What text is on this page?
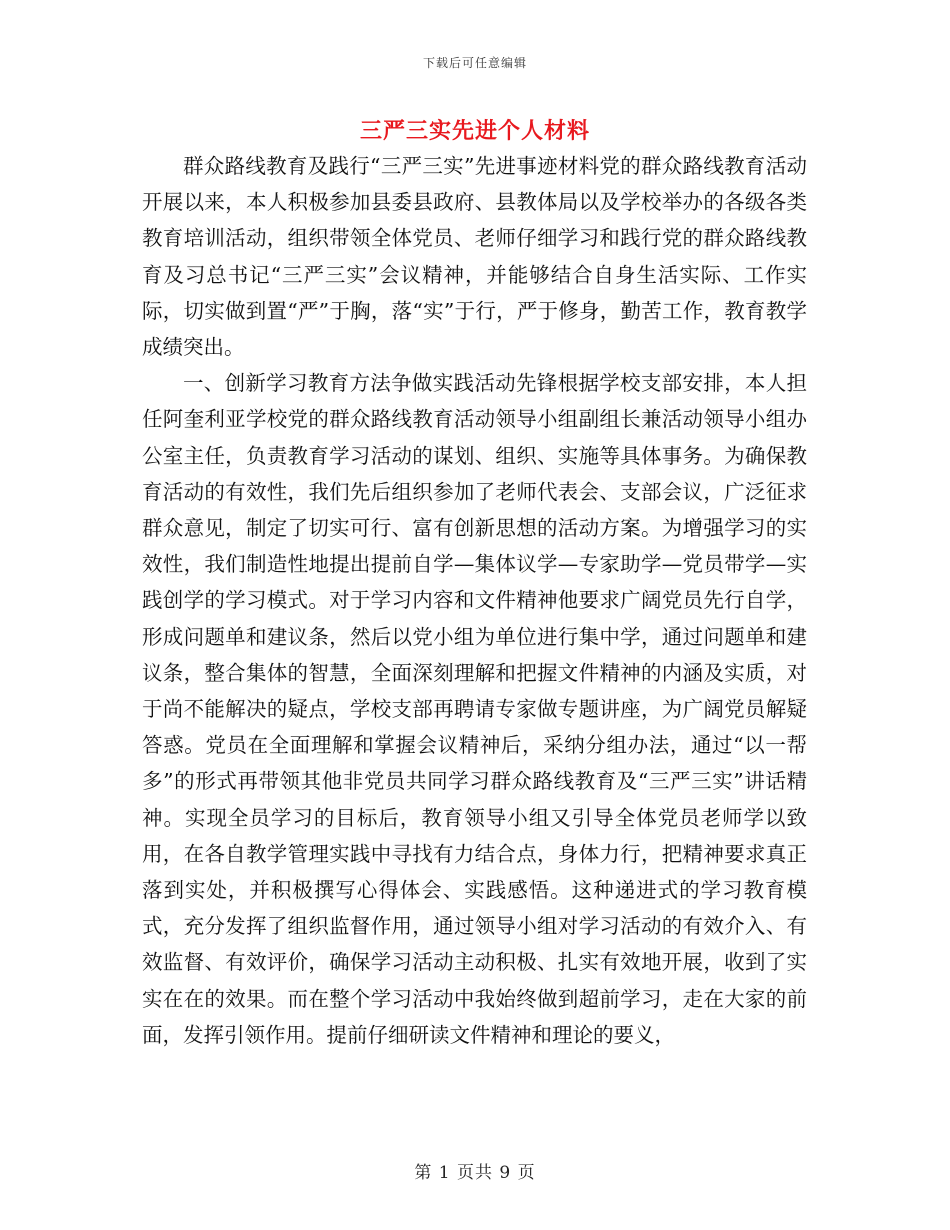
下载后可任意编辑
三严三实先进个人材料

群众路线教育及践行“三严三实”先进事迹材料党的群众路线教育活动开展以来，本人积极参加县委县政府、县教体局以及学校举办的各级各类教育培训活动，组织带领全体党员、老师仔细学习和践行党的群众路线教育及习总书记“三严三实”会议精神，并能够结合自身生活实际、工作实际，切实做到置“严”于胸，落“实”于行，严于修身，勤苦工作，教育教学成绩突出。

一、创新学习教育方法争做实践活动先锋根据学校支部安排，本人担任阿奎利亚学校党的群众路线教育活动领导小组副组长兼活动领导小组办公室主任，负责教育学习活动的谋划、组织、实施等具体事务。为确保教育活动的有效性，我们先后组织参加了老师代表会、支部会议，广泛征求群众意见，制定了切实可行、富有创新思想的活动方案。为增强学习的实效性，我们制造性地提出提前自学—集体议学—专家助学—党员带学—实践创学的学习模式。对于学习内容和文件精神他要求广阔党员先行自学，形成问题单和建议条，然后以党小组为单位进行集中学，通过问题单和建议条，整合集体的智慧，全面深刻理解和把握文件精神的内涵及实质，对于尚不能解决的疑点，学校支部再聘请专家做专题讲座，为广阔党员解疑答惑。党员在全面理解和掌握会议精神后，采纳分组办法，通过“以一帮多”的形式再带领其他非党员共同学习群众路线教育及“三严三实”讲话精神。实现全员学习的目标后，教育领导小组又引导全体党员老师学以致用，在各自教学管理实践中寻找有力结合点，身体力行，把精神要求真正落到实处，并积极撰写心得体会、实践感悟。这种递进式的学习教育模式，充分发挥了组织监督作用，通过领导小组对学习活动的有效介入、有效监督、有效评价，确保学习活动主动积极、扎实有效地开展，收到了实实在在的效果。而在整个学习活动中我始终做到超前学习，走在大家的前面，发挥引领作用。提前仔细研读文件精神和理论的要义，

第 1 页共 9 页
